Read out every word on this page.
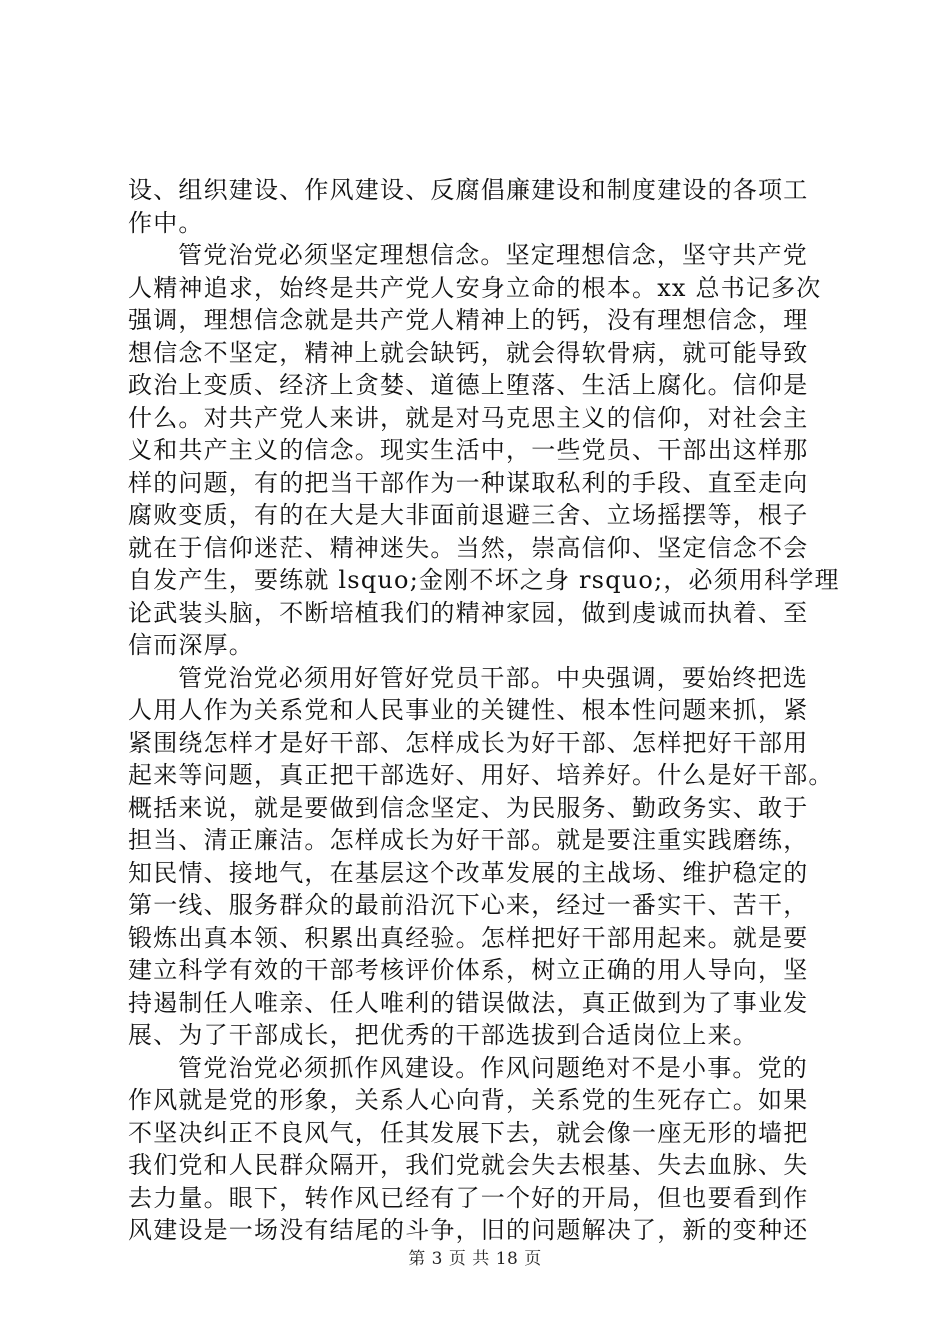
设、组织建设、作风建设、反腐倡廉建设和制度建设的各项工
作中。
管党治党必须坚定理想信念。坚定理想信念，坚守共产党
人精神追求，始终是共产党人安身立命的根本。xx 总书记多次
强调，理想信念就是共产党人精神上的钙，没有理想信念，理
想信念不坚定，精神上就会缺钙，就会得软骨病，就可能导致
政治上变质、经济上贪婪、道德上堕落、生活上腐化。信仰是
什么。对共产党人来讲，就是对马克思主义的信仰，对社会主
义和共产主义的信念。现实生活中，一些党员、干部出这样那
样的问题，有的把当干部作为一种谋取私利的手段、直至走向
腐败变质，有的在大是大非面前退避三舍、立场摇摆等，根子
就在于信仰迷茫、精神迷失。当然，崇高信仰、坚定信念不会
自发产生，要练就 lsquo;金刚不坏之身 rsquo;，必须用科学理
论武装头脑，不断培植我们的精神家园，做到虔诚而执着、至
信而深厚。
管党治党必须用好管好党员干部。中央强调，要始终把选
人用人作为关系党和人民事业的关键性、根本性问题来抓，紧
紧围绕怎样才是好干部、怎样成长为好干部、怎样把好干部用
起来等问题，真正把干部选好、用好、培养好。什么是好干部。
概括来说，就是要做到信念坚定、为民服务、勤政务实、敢于
担当、清正廉洁。怎样成长为好干部。就是要注重实践磨练，
知民情、接地气，在基层这个改革发展的主战场、维护稳定的
第一线、服务群众的最前沿沉下心来，经过一番实干、苦干，
锻炼出真本领、积累出真经验。怎样把好干部用起来。就是要
建立科学有效的干部考核评价体系，树立正确的用人导向，坚
持遏制任人唯亲、任人唯利的错误做法，真正做到为了事业发
展、为了干部成长，把优秀的干部选拔到合适岗位上来。
管党治党必须抓作风建设。作风问题绝对不是小事。党的
作风就是党的形象，关系人心向背，关系党的生死存亡。如果
不坚决纠正不良风气，任其发展下去，就会像一座无形的墙把
我们党和人民群众隔开，我们党就会失去根基、失去血脉、失
去力量。眼下，转作风已经有了一个好的开局，但也要看到作
风建设是一场没有结尾的斗争，旧的问题解决了，新的变种还
第 3 页 共 18 页
